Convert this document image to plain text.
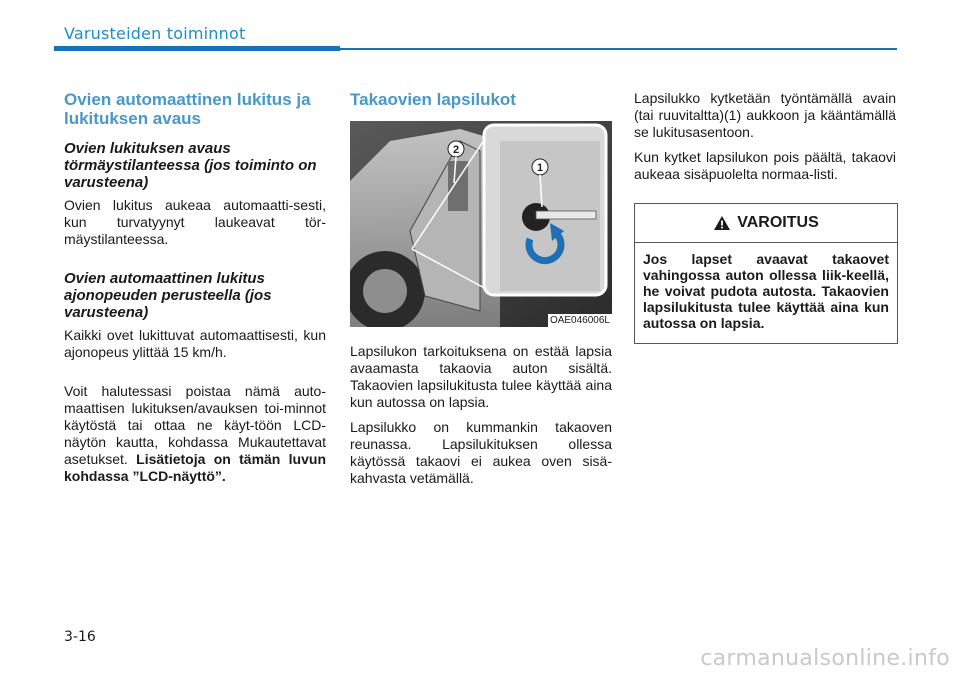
Varusteiden toiminnot
Ovien automaattinen lukitus ja lukituksen avaus
Ovien lukituksen avaus törmäystilanteessa (jos toiminto on varusteena)

Ovien lukitus aukeaa automaatti-sesti, kun turvatyynyt laukeavat tör-mäystilanteessa.

Ovien automaattinen lukitus ajonopeuden perusteella (jos varusteena)

Kaikki ovet lukittuvat automaattisesti, kun ajonopeus ylittää 15 km/h.

Voit halutessasi poistaa nämä auto-maattisen lukituksen/avauksen toi-minnot käytöstä tai ottaa ne käyt-töön LCD-näytön kautta, kohdassa Mukautettavat asetukset. Lisätietoja on tämän luvun kohdassa ”LCD-näyttö”.

Takaovien lapsilukot
2
1
OAE046006L

Lapsilukon tarkoituksena on estää lapsia avaamasta takaovia auton sisältä. Takaovien lapsilukitusta tulee käyttää aina kun autossa on lapsia.

Lapsilukko on kummankin takaoven reunassa. Lapsilukituksen ollessa käytössä takaovi ei aukea oven sisä-kahvasta vetämällä.

Lapsilukko kytketään työntämällä avain (tai ruuvitaltta)(1) aukkoon ja kääntämällä se lukitusasentoon.

Kun kytket lapsilukon pois päältä, takaovi aukeaa sisäpuolelta normaa-listi.

VAROITUS

Jos lapset avaavat takaovet vahingossa auton ollessa liik-keellä, he voivat pudota autosta. Takaovien lapsilukitusta tulee käyttää aina kun autossa on lapsia.

3-16
carmanualsonline.info
